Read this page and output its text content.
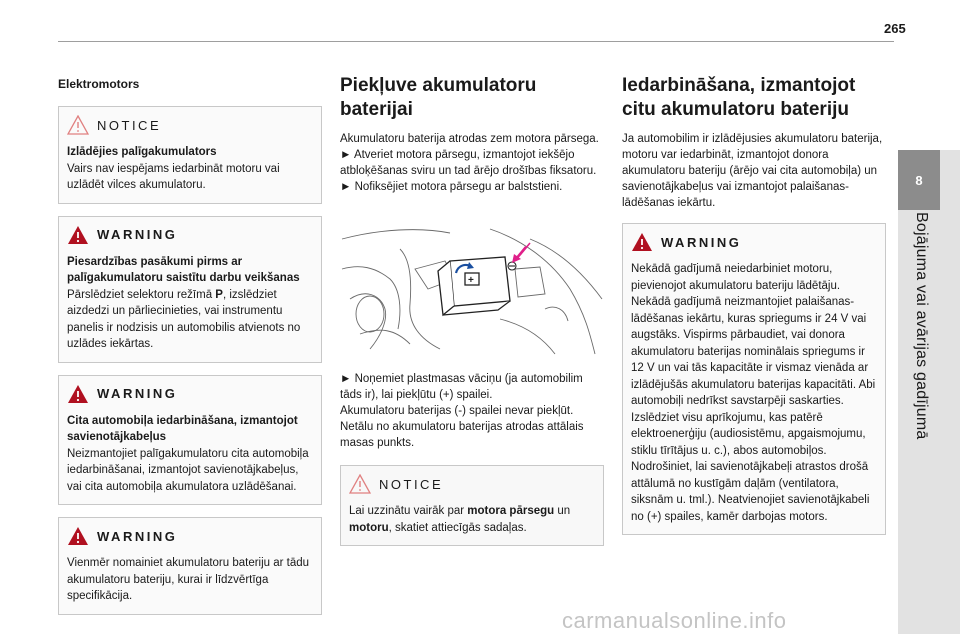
265
8
Bojājuma vai avārijas gadījumā
Elektromotors
NOTICE

Izlādējies palīgakumulators

Vairs nav iespējams iedarbināt motoru vai uzlādēt vilces akumulatoru.

WARNING

Piesardzības pasākumi pirms ar palīgakumulatoru saistītu darbu veikšanas

Pārslēdziet selektoru režīmā P, izslēdziet aizdedzi un pārliecinieties, vai instrumentu panelis ir nodzisis un automobilis atvienots no uzlādes iekārtas.

WARNING

Cita automobiļa iedarbināšana, izmantojot savienotājkabeļus

Neizmantojiet palīgakumulatoru cita automobiļa iedarbināšanai, izmantojot savienotājkabeļus, vai cita automobiļa akumulatora uzlādēšanai.

WARNING

Vienmēr nomainiet akumulatoru bateriju ar tādu akumulatoru bateriju, kurai ir līdzvērtīga specifikācija.

Piekļuve akumulatoru baterijai

Akumulatoru baterija atrodas zem motora pārsega.

► Atveriet motora pārsegu, izmantojot iekšējo atbloķēšanas sviru un tad ārējo drošības fiksatoru.

► Nofiksējiet motora pārsegu ar balststieni.

+

► Noņemiet plastmasas vāciņu (ja automobilim tāds ir), lai piekļūtu (+) spailei.

Akumulatoru baterijas (-) spailei nevar piekļūt. Netālu no akumulatoru baterijas atrodas attālais masas punkts.

NOTICE

Lai uzzinātu vairāk par motora pārsegu un motoru, skatiet attiecīgās sadaļas.

Iedarbināšana, izmantojot citu akumulatoru bateriju

Ja automobilim ir izlādējusies akumulatoru baterija, motoru var iedarbināt, izmantojot donora akumulatoru bateriju (ārējo vai cita automobiļa) un savienotājkabeļus vai izmantojot palaišanas-lādēšanas iekārtu.

WARNING

Nekādā gadījumā neiedarbiniet motoru, pievienojot akumulatoru bateriju lādētāju. Nekādā gadījumā neizmantojiet palaišanas-lādēšanas iekārtu, kuras spriegums ir 24 V vai augstāks. Vispirms pārbaudiet, vai donora akumulatoru baterijas nominālais spriegums ir 12 V un vai tās kapacitāte ir vismaz vienāda ar izlādējušās akumulatoru baterijas kapacitāti. Abi automobiļi nedrīkst savstarpēji saskarties. Izslēdziet visu aprīkojumu, kas patērē elektroenerģiju (audiosistēmu, apgaismojumu, stiklu tīrītājus u. c.), abos automobiļos. Nodrošiniet, lai savienotājkabeļi atrastos drošā attālumā no kustīgām daļām (ventilatora, siksnām u. tml.). Neatvienojiet savienotājkabeli no (+) spailes, kamēr darbojas motors.

carmanualsonline.info
